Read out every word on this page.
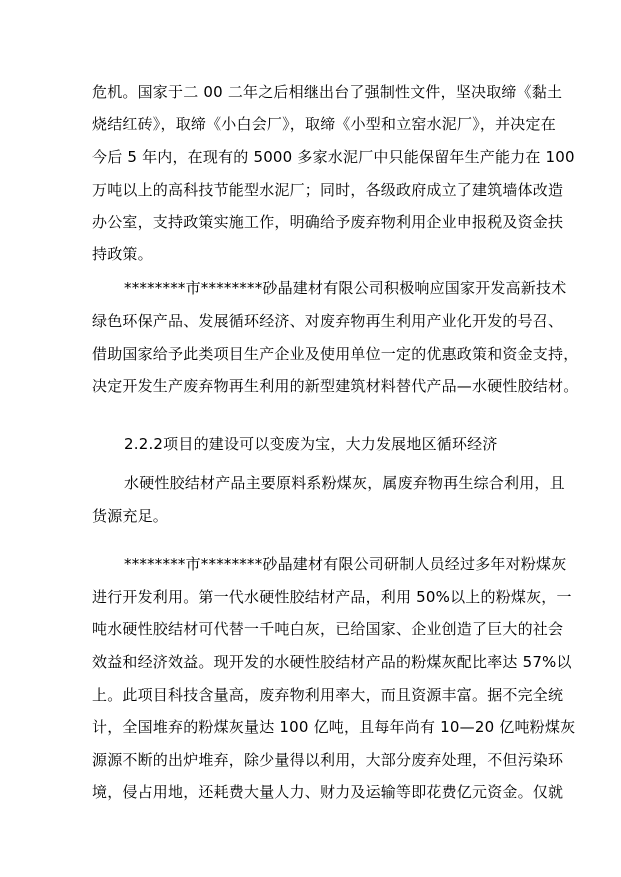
危机。国家于二 00 二年之后相继出台了强制性文件，坚决取缔《黏土
烧结红砖》，取缔《小白会厂》，取缔《小型和立窑水泥厂》，并决定在
今后 5 年内，在现有的 5000 多家水泥厂中只能保留年生产能力在 100
万吨以上的高科技节能型水泥厂；同时，各级政府成立了建筑墙体改造
办公室，支持政策实施工作，明确给予废弃物利用企业申报税及资金扶
持政策。
********市********砂晶建材有限公司积极响应国家开发高新技术
绿色环保产品、发展循环经济、对废弃物再生利用产业化开发的号召、
借助国家给予此类项目生产企业及使用单位一定的优惠政策和资金支持，
决定开发生产废弃物再生利用的新型建筑材料替代产品—水硬性胶结材。
2.2.2项目的建设可以变废为宝，大力发展地区循环经济
水硬性胶结材产品主要原料系粉煤灰，属废弃物再生综合利用，且
货源充足。
********市********砂晶建材有限公司研制人员经过多年对粉煤灰
进行开发利用。第一代水硬性胶结材产品，利用 50%以上的粉煤灰，一
吨水硬性胶结材可代替一千吨白灰，已给国家、企业创造了巨大的社会
效益和经济效益。现开发的水硬性胶结材产品的粉煤灰配比率达 57%以
上。此项目科技含量高，废弃物利用率大，而且资源丰富。据不完全统
计，全国堆弃的粉煤灰量达 100 亿吨，且每年尚有 10—20 亿吨粉煤灰
源源不断的出炉堆弃，除少量得以利用，大部分废弃处理，不但污染环
境，侵占用地，还耗费大量人力、财力及运输等即花费亿元资金。仅就
